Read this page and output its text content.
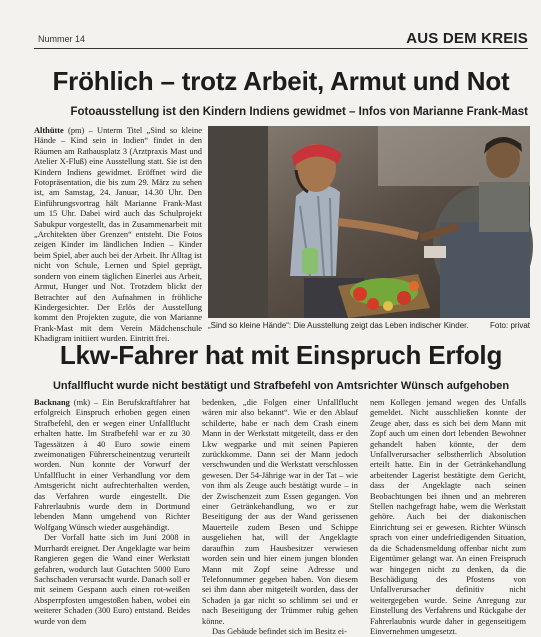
Nummer 14	AUS DEM KREIS
Fröhlich – trotz Arbeit, Armut und Not
Fotoausstellung ist den Kindern Indiens gewidmet – Infos von Marianne Frank-Mast

Althütte (pm) – Unterm Titel „Sind so kleine Hände – Kind sein in Indien“ findet in den Räumen am Rathausplatz 3 (Arztpraxis Mast und Atelier X-Fluß) eine Ausstellung statt. Sie ist den Kindern Indiens gewidmet. Eröffnet wird die Fotopräsentation, die bis zum 29. März zu sehen ist, am Samstag, 24. Januar, 14.30 Uhr. Den Einführungsvortrag hält Marianne Frank-Mast um 15 Uhr. Dabei wird auch das Schulprojekt Sabukpur vorgestellt, das in Zusammenarbeit mit „Architekten über Grenzen“ entsteht. Die Fotos zeigen Kinder im ländlichen Indien – Kinder beim Spiel, aber auch bei der Arbeit. Ihr Alltag ist nicht von Schule, Lernen und Spiel geprägt, sondern von einem täglichen Einerlei aus Arbeit, Armut, Hunger und Not. Trotzdem blickt der Betrachter auf den Aufnahmen in fröhliche Kindergesichter. Der Erlös der Ausstellung kommt den Projekten zugute, die von Marianne Frank-Mast mit dem Verein Mädchenschule Khadigram initiiert wurden. Eintritt frei.

„Sind so kleine Hände“: Die Ausstellung zeigt das Leben indischer Kinder.	Foto: privat
Lkw-Fahrer hat mit Einspruch Erfolg
Unfallflucht wurde nicht bestätigt und Strafbefehl von Amtsrichter Wünsch aufgehoben

Backnang (mk) – Ein Berufskraftfahrer hat erfolgreich Einspruch erhoben gegen einen Strafbefehl, den er wegen einer Unfallflucht erhalten hatte. Im Strafbefehl war er zu 30 Tagessätzen à 40 Euro sowie einem zweimonatigen Führerscheinentzug verurteilt worden. Nun konnte der Vorwurf der Unfallflucht in einer Verhandlung vor dem Amtsgericht nicht aufrechterhalten werden, das Verfahren wurde eingestellt. Die Fahrerlaubnis wurde dem in Dortmund lebenden Mann umgehend von Richter Wolfgang Wünsch wieder ausgehändigt.

Der Vorfall hatte sich im Juni 2008 in Murrhardt ereignet. Der Angeklagte war beim Rangieren gegen die Wand einer Werkstatt gefahren, wodurch laut Gutachten 5000 Euro Sachschaden verursacht wurde. Danach soll er mit seinem Gespann auch einen rot-weißen Absperrpfosten umgestoßen haben, wobei ein weiterer Schaden (300 Euro) entstand. Beides wurde von dem

bedenken, „die Folgen einer Unfallflucht wären mir also bekannt“. Wie er den Ablauf schilderte, habe er nach dem Crash einem Mann in der Werkstatt mitgeteilt, dass er den Lkw wegparke und mit seinen Papieren zurückkomme. Dann sei der Mann jedoch verschwunden und die Werkstatt verschlossen gewesen. Der 54-Jährige war in der Tat – wie von ihm als Zeuge auch bestätigt wurde – in der Zwischenzeit zum Essen gegangen. Von einer Getränkehandlung, wo er zur Beseitigung der aus der Wand gerissenen Mauerteile zudem Besen und Schippe ausgeliehen hat, will der Angeklagte daraufhin zum Hausbesitzer verwiesen worden sein und hier einem jungen blonden Mann mit Zopf seine Adresse und Telefonnummer gegeben haben. Von diesem sei ihm dann aber mitgeteilt worden, dass der Schaden ja gar nicht so schlimm sei und er nach Beseitigung der Trümmer ruhig gehen könne.

Das Gebäude befindet sich im Besitz ei-

nem Kollegen jemand wegen des Unfalls gemeldet. Nicht ausschließen konnte der Zeuge aber, dass es sich bei dem Mann mit Zopf auch um einen dort lebenden Bewohner gehandelt haben könnte, der dem Unfallverursacher selbstherrlich Absolution erteilt hatte. Ein in der Getränkehandlung arbeitender Lagerist bestätigte dem Gericht, dass der Angeklagte nach seinen Beobachtungen bei ihnen und an mehreren Stellen nachgefragt habe, wem die Werkstatt gehöre. Auch bei der diakonischen Einrichtung sei er gewesen. Richter Wünsch sprach von einer undefriedigenden Situation, da die Schadensmeldung offenbar nicht zum Eigentümer gelangt war. An einen Freispruch war hingegen nicht zu denken, da die Beschädigung des Pfostens von Unfallverursacher definitiv nicht weitergegeben wurde. Seine Anregung zur Einstellung des Verfahrens und Rückgabe der Fahrerlaubnis wurde daher in gegenseitigem Einvernehmen umgesetzt.
